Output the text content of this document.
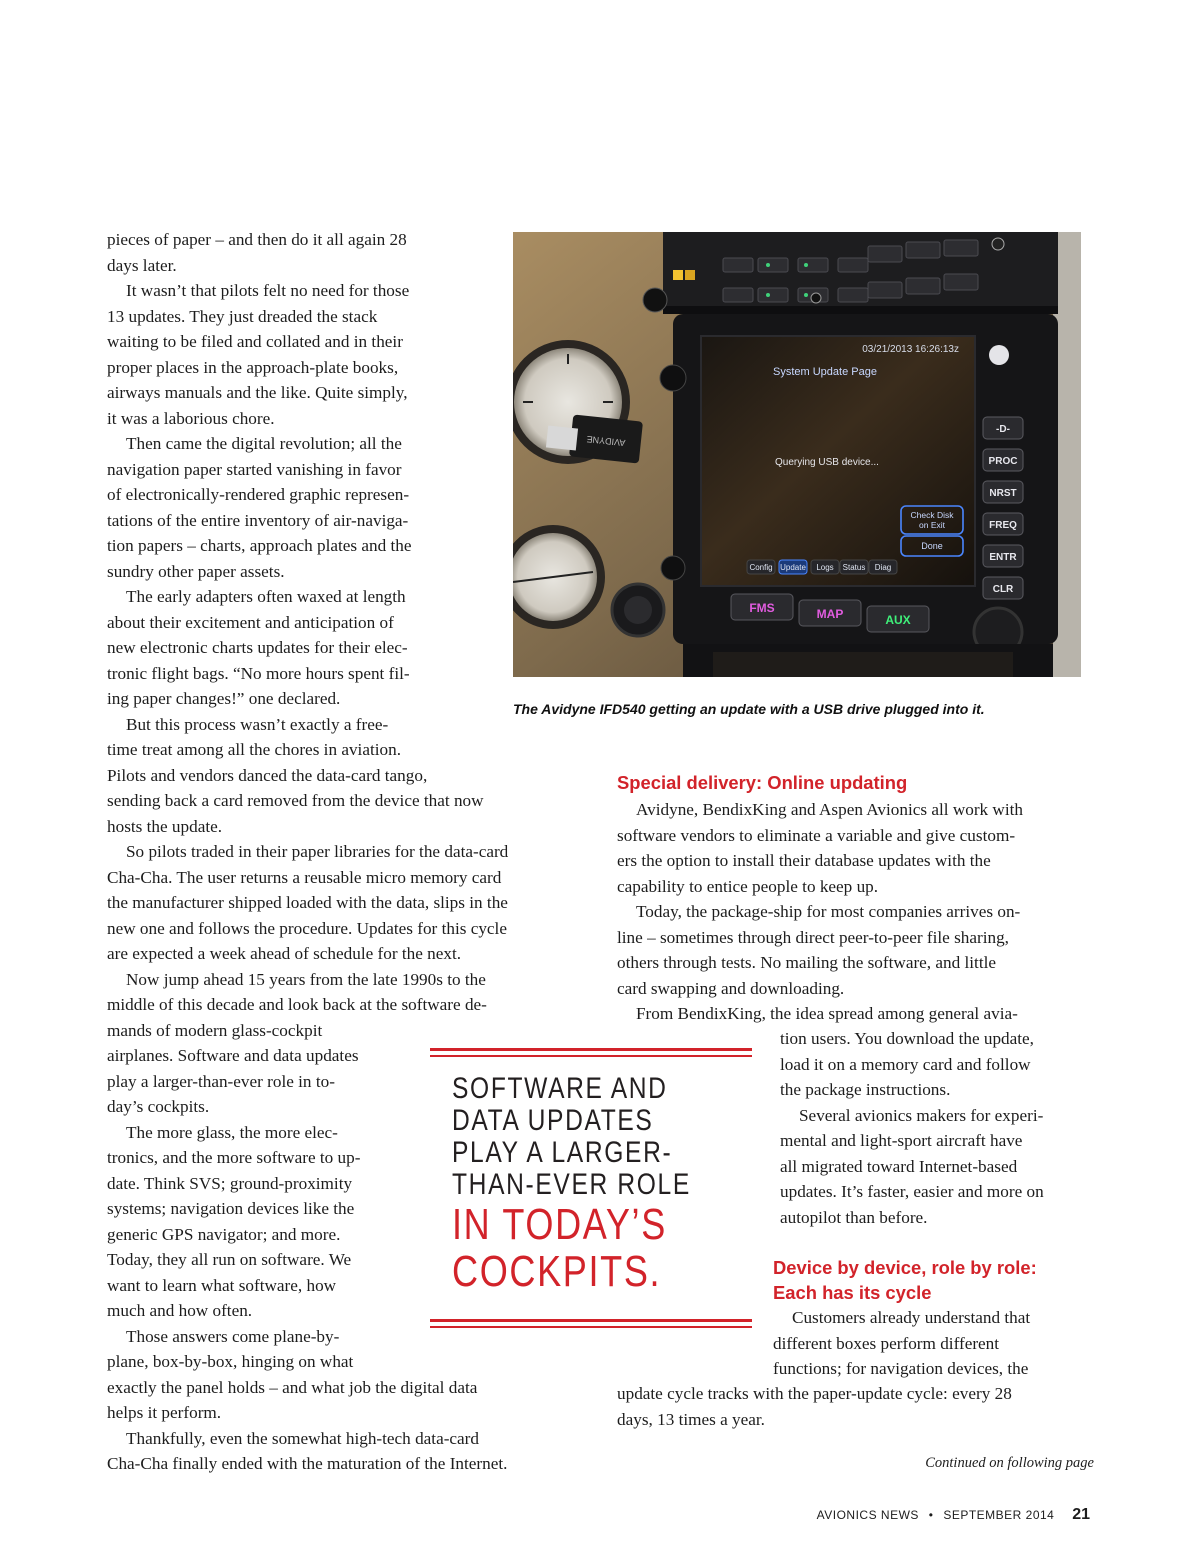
pieces of paper – and then do it all again 28
days later.
It wasn’t that pilots felt no need for those
13 updates. They just dreaded the stack
waiting to be filed and collated and in their
proper places in the approach-plate books,
airways manuals and the like. Quite simply,
it was a laborious chore.
Then came the digital revolution; all the
navigation paper started vanishing in favor
of electronically-rendered graphic represen-
tations of the entire inventory of air-naviga-
tion papers – charts, approach plates and the
sundry other paper assets.
The early adapters often waxed at length
about their excitement and anticipation of
new electronic charts updates for their elec-
tronic flight bags. “No more hours spent fil-
ing paper changes!” one declared.
But this process wasn’t exactly a free-
time treat among all the chores in aviation.
Pilots and vendors danced the data-card tango,
sending back a card removed from the device that now
hosts the update.
So pilots traded in their paper libraries for the data-card
Cha-Cha. The user returns a reusable micro memory card
the manufacturer shipped loaded with the data, slips in the
new one and follows the procedure. Updates for this cycle
are expected a week ahead of schedule for the next.
Now jump ahead 15 years from the late 1990s to the
middle of this decade and look back at the software de-
mands of modern glass-cockpit
airplanes. Software and data updates
play a larger-than-ever role in to-
day’s cockpits.
The more glass, the more elec-
tronics, and the more software to up-
date. Think SVS; ground-proximity
systems; navigation devices like the
generic GPS navigator; and more.
Today, they all run on software. We
want to learn what software, how
much and how often.
Those answers come plane-by-
plane, box-by-box, hinging on what
exactly the panel holds – and what job the digital data
helps it perform.
Thankfully, even the somewhat high-tech data-card
Cha-Cha finally ended with the maturation of the Internet.
03/21/2013 16:26:13z
System Update Page
Querying USB device...
Check Disk on Exit
Done
Config Update Logs Status Diag
FMS	MAP	AUX
-D-
PROC
NRST
FREQ
ENTR
CLR
AVIDYNE

The Avidyne IFD540 getting an update with a USB drive plugged into it.

SOFTWARE AND
DATA UPDATES
PLAY A LARGER-
THAN-EVER ROLE
IN TODAY’S
COCKPITS.

Special delivery: Online updating

Avidyne, BendixKing and Aspen Avionics all work with
software vendors to eliminate a variable and give custom-
ers the option to install their database updates with the
capability to entice people to keep up.
Today, the package-ship for most companies arrives on-
line – sometimes through direct peer-to-peer file sharing,
others through tests. No mailing the software, and little
card swapping and downloading.
From BendixKing, the idea spread among general avia-
tion users. You download the update,
load it on a memory card and follow
the package instructions.
Several avionics makers for experi-
mental and light-sport aircraft have
all migrated toward Internet-based
updates. It’s faster, easier and more on
autopilot than before.
Device by device, role by role:
Each has its cycle
Customers already understand that
different boxes perform different
functions; for navigation devices, the
update cycle tracks with the paper-update cycle: every 28
days, 13 times a year.

Continued on following page

AVIONICS NEWS • SEPTEMBER 2014 21
